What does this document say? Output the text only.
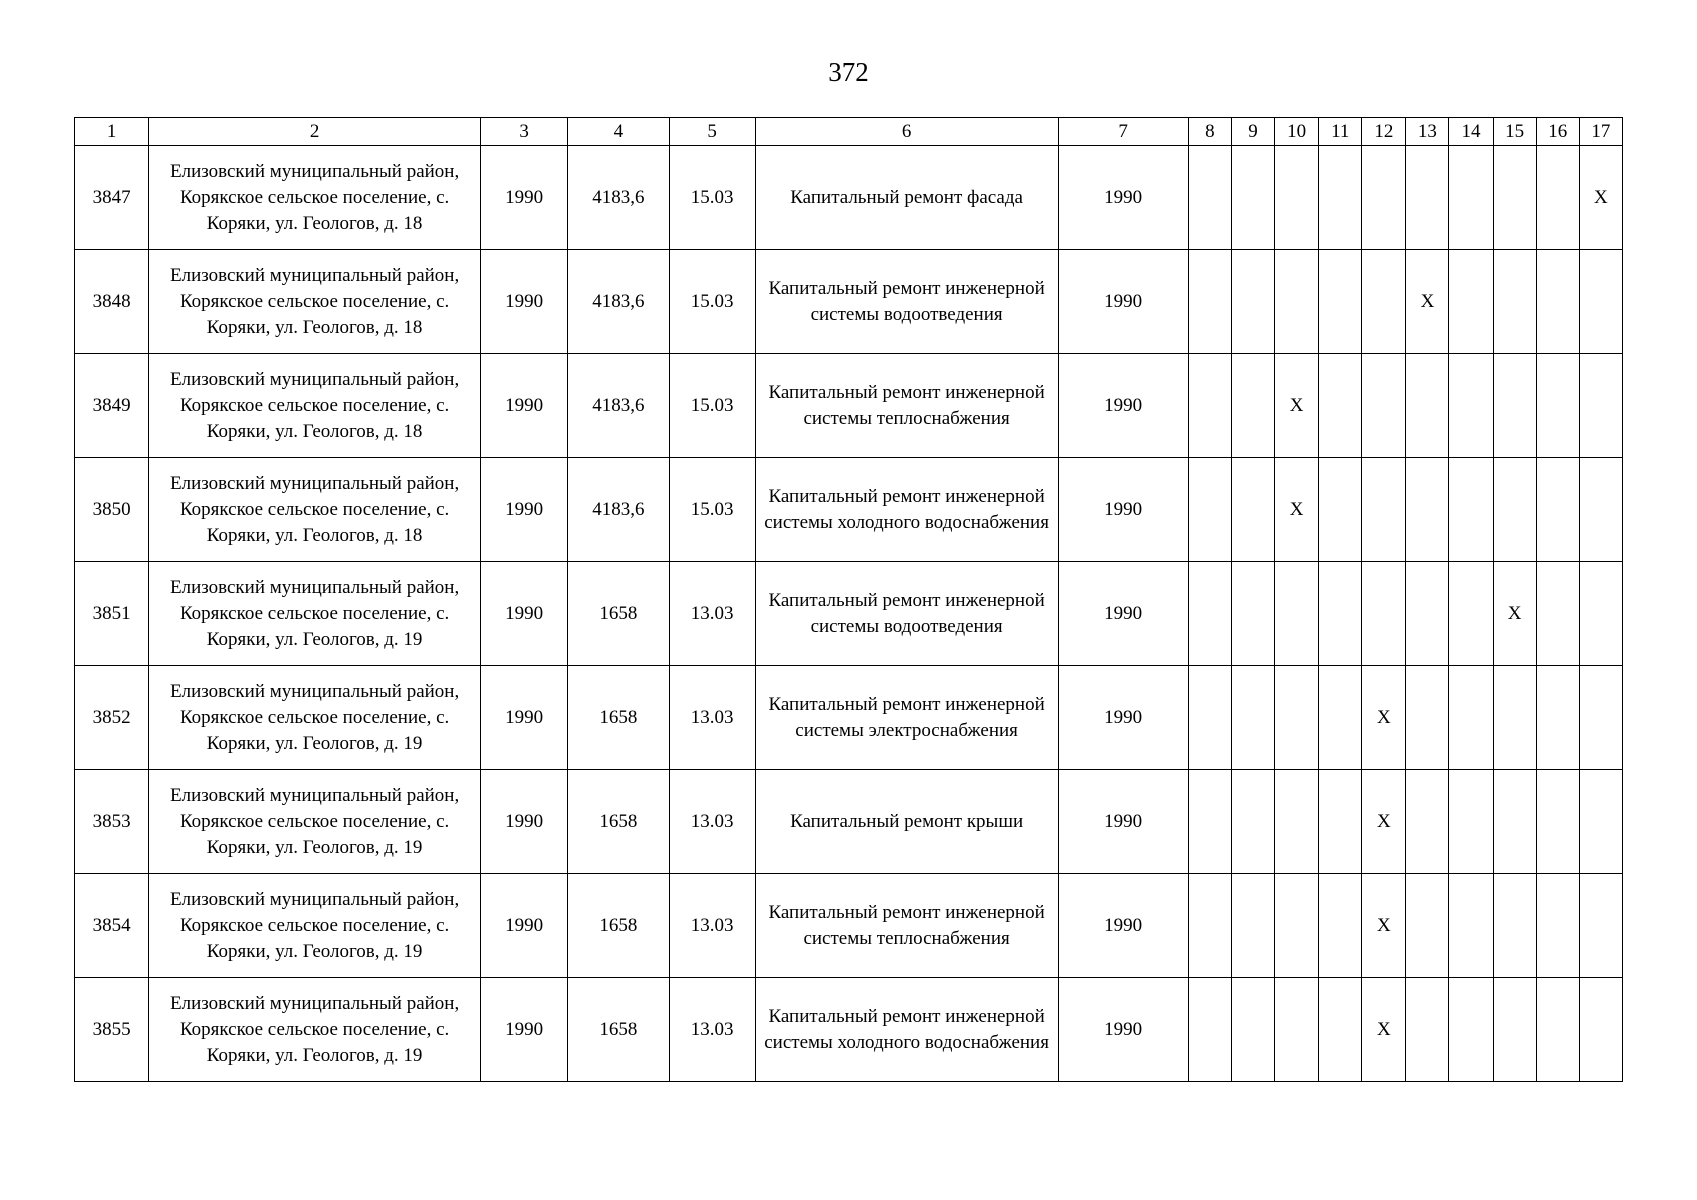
372
1	2	3	4	5	6	7	8	9	10	11	12	13	14	15	16	17
3847	Елизовский муниципальный район, Корякское сельское поселение, с. Коряки, ул. Геологов, д. 18	1990	4183,6	15.03	Капитальный ремонт фасада	1990										X
3848	Елизовский муниципальный район, Корякское сельское поселение, с. Коряки, ул. Геологов, д. 18	1990	4183,6	15.03	Капитальный ремонт инженерной системы водоотведения	1990						X				
3849	Елизовский муниципальный район, Корякское сельское поселение, с. Коряки, ул. Геологов, д. 18	1990	4183,6	15.03	Капитальный ремонт инженерной системы теплоснабжения	1990			X							
3850	Елизовский муниципальный район, Корякское сельское поселение, с. Коряки, ул. Геологов, д. 18	1990	4183,6	15.03	Капитальный ремонт инженерной системы холодного водоснабжения	1990			X							
3851	Елизовский муниципальный район, Корякское сельское поселение, с. Коряки, ул. Геологов, д. 19	1990	1658	13.03	Капитальный ремонт инженерной системы водоотведения	1990								X		
3852	Елизовский муниципальный район, Корякское сельское поселение, с. Коряки, ул. Геологов, д. 19	1990	1658	13.03	Капитальный ремонт инженерной системы электроснабжения	1990					X					
3853	Елизовский муниципальный район, Корякское сельское поселение, с. Коряки, ул. Геологов, д. 19	1990	1658	13.03	Капитальный ремонт крыши	1990					X					
3854	Елизовский муниципальный район, Корякское сельское поселение, с. Коряки, ул. Геологов, д. 19	1990	1658	13.03	Капитальный ремонт инженерной системы теплоснабжения	1990					X					
3855	Елизовский муниципальный район, Корякское сельское поселение, с. Коряки, ул. Геологов, д. 19	1990	1658	13.03	Капитальный ремонт инженерной системы холодного водоснабжения	1990					X					
